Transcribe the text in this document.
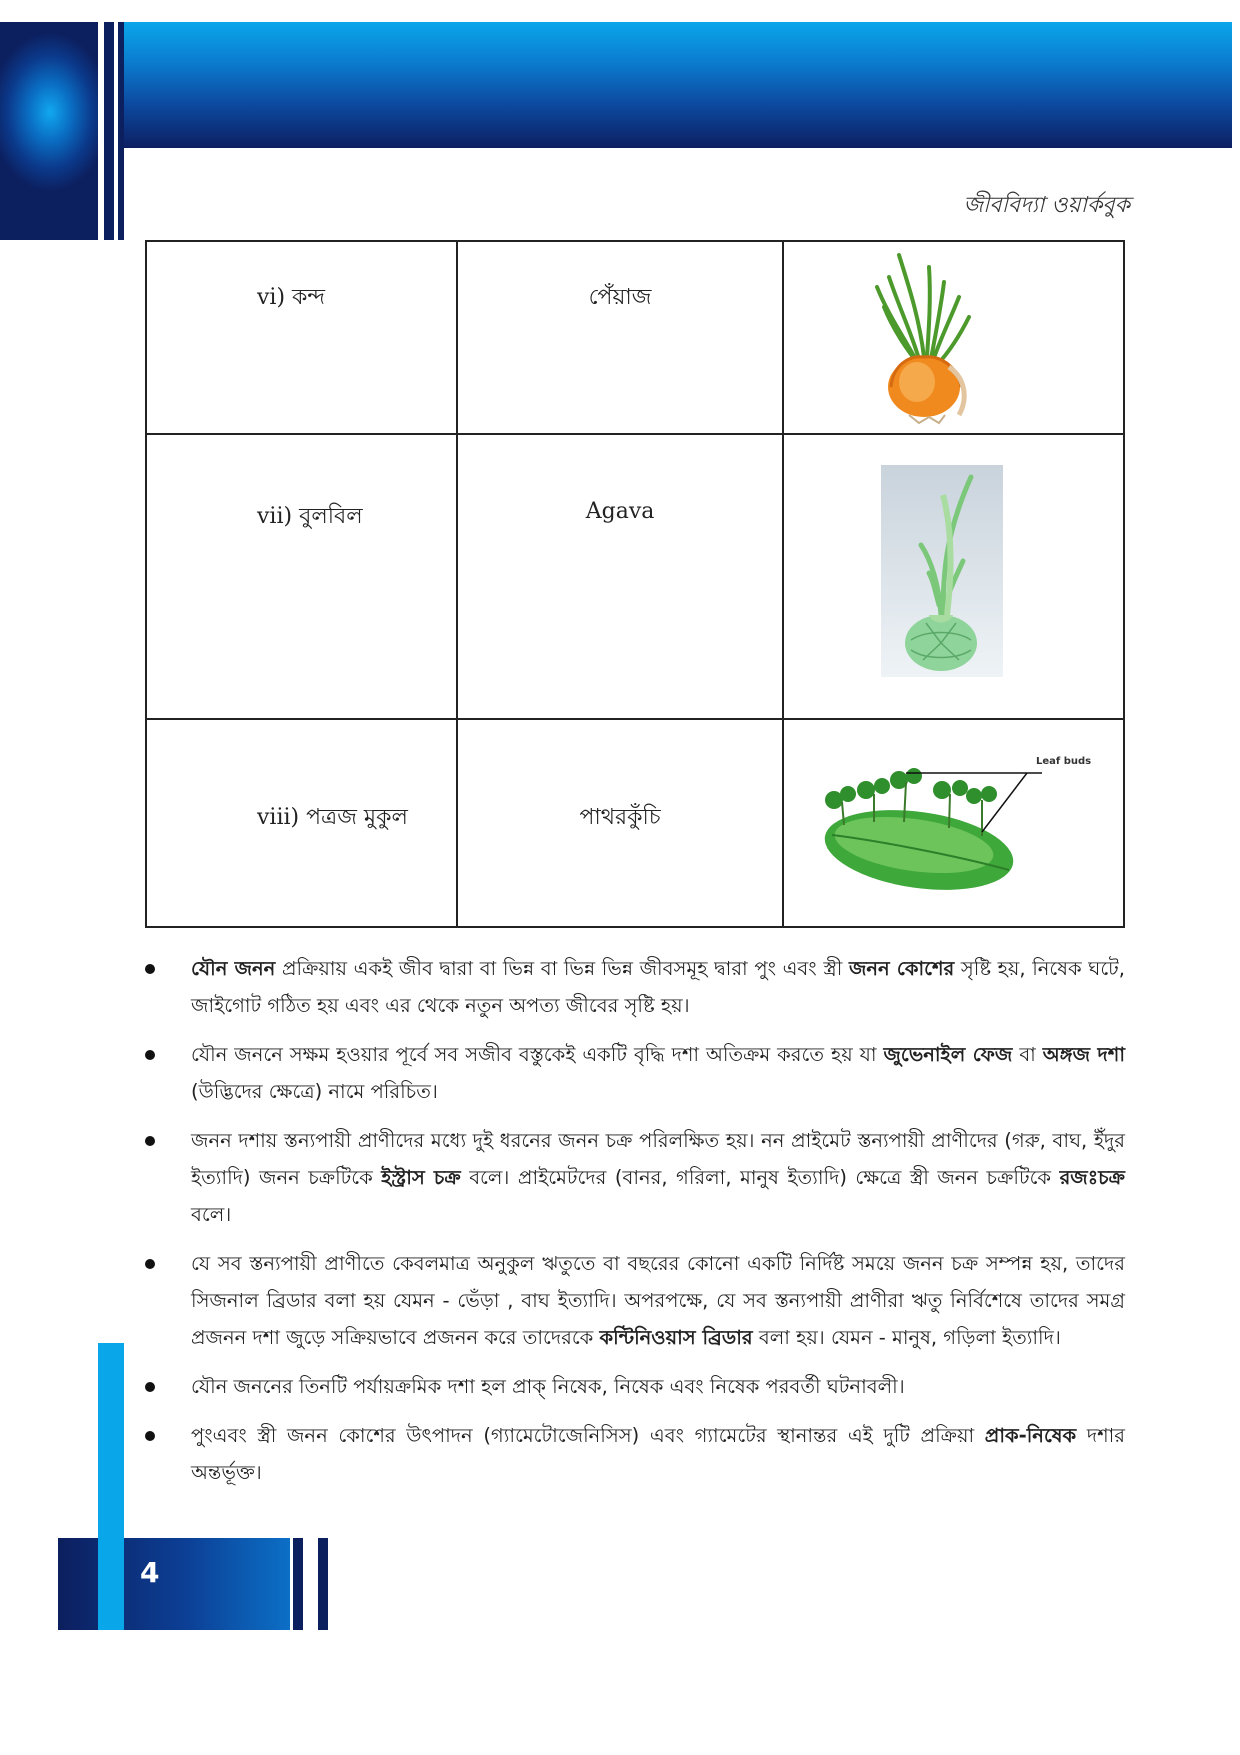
জীববিদ্যা ওয়ার্কবুক
vi) কন্দ	পেঁয়াজ

vii) বুলবিল	Agava

viii) পত্রজ মুকুল	পাথরকুঁচি	Leaf buds
যৌন জনন প্রক্রিয়ায় একই জীব দ্বারা বা ভিন্ন বা ভিন্ন ভিন্ন জীবসমূহ দ্বারা পুং এবং স্ত্রী জনন কোশের সৃষ্টি হয়, নিষেক ঘটে, জাইগোট গঠিত হয় এবং এর থেকে নতুন অপত্য জীবের সৃষ্টি হয়।
যৌন জননে সক্ষম হওয়ার পূর্বে সব সজীব বস্তুকেই একটি বৃদ্ধি দশা অতিক্রম করতে হয় যা জুভেনাইল ফেজ বা অঙ্গজ দশা (উদ্ভিদের ক্ষেত্রে) নামে পরিচিত।
জনন দশায় স্তন্যপায়ী প্রাণীদের মধ্যে দুই ধরনের জনন চক্র পরিলক্ষিত হয়। নন প্রাইমেট স্তন্যপায়ী প্রাণীদের (গরু, বাঘ, ইঁদুর ইত্যাদি) জনন চক্রটিকে ইস্ট্রাস চক্র বলে। প্রাইমেটদের (বানর, গরিলা, মানুষ ইত্যাদি) ক্ষেত্রে স্ত্রী জনন চক্রটিকে রজঃচক্র বলে।
যে সব স্তন্যপায়ী প্রাণীতে কেবলমাত্র অনুকুল ঋতুতে বা বছরের কোনো একটি নির্দিষ্ট সময়ে জনন চক্র সম্পন্ন হয়, তাদের সিজনাল ব্রিডার বলা হয় যেমন - ভেঁড়া , বাঘ ইত্যাদি। অপরপক্ষে, যে সব স্তন্যপায়ী প্রাণীরা ঋতু নির্বিশেষে তাদের সমগ্র প্রজনন দশা জুড়ে সক্রিয়ভাবে প্রজনন করে তাদেরকে কন্টিনিওয়াস ব্রিডার বলা হয়। যেমন - মানুষ, গড়িলা ইত্যাদি।
যৌন জননের তিনটি পর্যায়ক্রমিক দশা হল প্রাক্ নিষেক, নিষেক এবং নিষেক পরবর্তী ঘটনাবলী।
পুংএবং স্ত্রী জনন কোশের উৎপাদন (গ্যামেটোজেনিসিস) এবং গ্যামেটের স্থানান্তর এই দুটি প্রক্রিয়া প্রাক-নিষেক দশার অন্তর্ভূক্ত।
4
